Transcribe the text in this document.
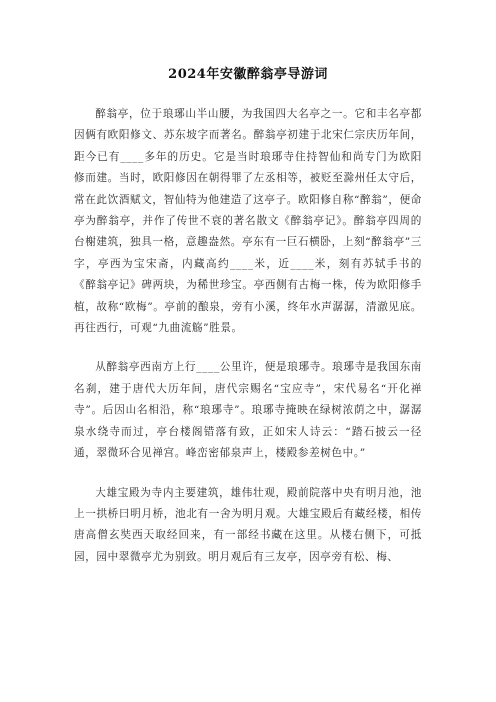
2024年安徽醉翁亭导游词

醉翁亭，位于琅琊山半山腰，为我国四大名亭之一。它和丰名亭都因俩有欧阳修文、苏东坡字而著名。醉翁亭初建于北宋仁宗庆历年间，距今已有____多年的历史。它是当时琅琊寺住持智仙和尚专门为欧阳修而建。当时，欧阳修因在朝得罪了左丞相等，被贬至滁州任太守后，常在此饮酒赋文，智仙特为他建造了这亭子。欧阳修自称“醉翁”，便命亭为醉翁亭，并作了传世不衰的著名散文《醉翁亭记》。醉翁亭四周的台榭建筑，独具一格，意趣盎然。亭东有一巨石横卧，上刻“醉翁亭”三字，亭西为宝宋斋，内藏高约____米，近____米，刻有苏轼手书的《醉翁亭记》碑两块，为稀世珍宝。亭西侧有古梅一株，传为欧阳修手植，故称“欧梅”。亭前的酿泉，旁有小溪，终年水声潺潺，清澈见底。再往西行，可观“九曲流觞”胜景。

从醉翁亭西南方上行____公里许，便是琅琊寺。琅琊寺是我国东南名刹，建于唐代大历年间，唐代宗赐名“宝应寺”，宋代易名“开化禅寺”。后因山名相沿，称“琅琊寺”。琅琊寺掩映在绿树浓荫之中，潺潺泉水绕寺而过，亭台楼阁错落有致，正如宋人诗云：“踏石披云一径通，翠微环合见禅宫。峰峦密郁泉声上，楼殿参差树色中。”

大雄宝殿为寺内主要建筑，雄伟壮观，殿前院落中央有明月池，池上一拱桥曰明月桥，池北有一舍为明月观。大雄宝殿后有藏经楼，相传唐高僧玄奘西天取经回来，有一部经书藏在这里。从楼右侧下，可抵园，园中翠微亭尤为别致。明月观后有三友亭，因亭旁有松、梅、
